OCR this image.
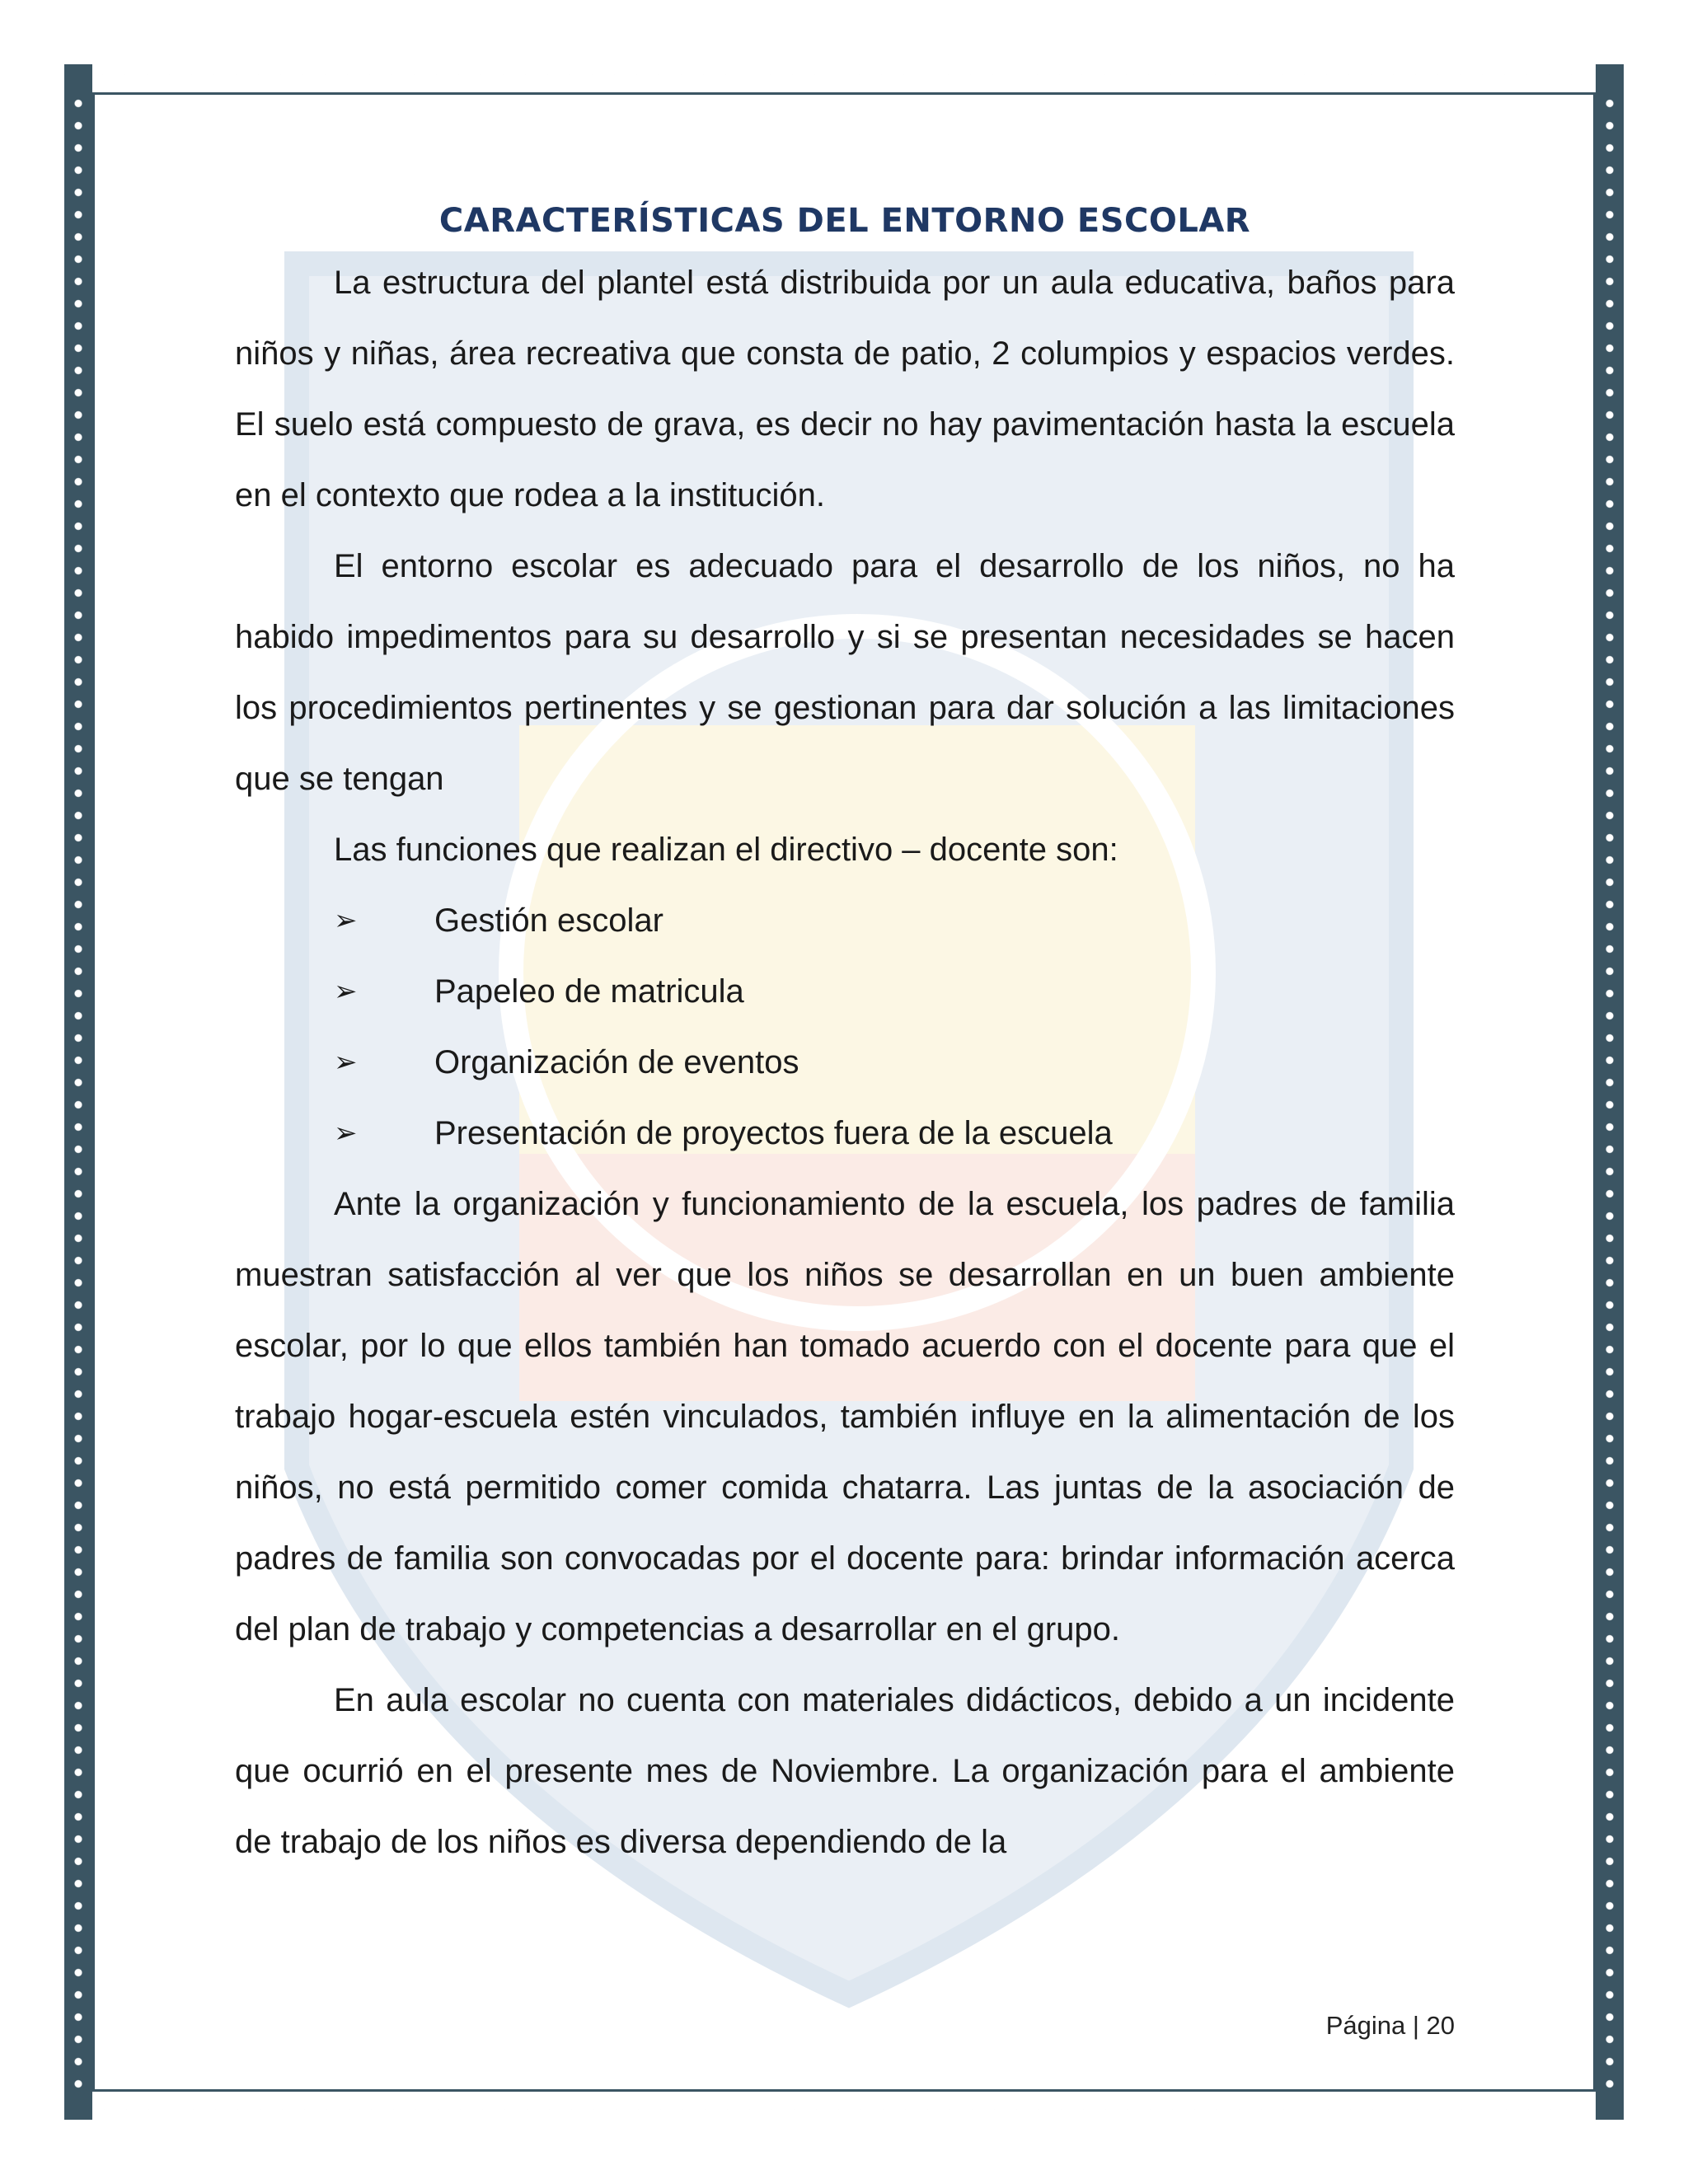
CARACTERÍSTICAS DEL ENTORNO ESCOLAR

La estructura del plantel está distribuida por un aula educativa, baños para niños y niñas, área recreativa que consta de patio, 2 columpios y espacios verdes. El suelo está compuesto de grava, es decir no hay pavimentación hasta la escuela en el contexto que rodea a la institución.

El entorno escolar es adecuado para el desarrollo de los niños, no ha habido impedimentos para su desarrollo y si se presentan necesidades se hacen los procedimientos pertinentes y se gestionan para dar solución a las limitaciones que se tengan

Las funciones que realizan el directivo – docente son:

➢	Gestión escolar
➢	Papeleo de matricula
➢	Organización de eventos
➢	Presentación de proyectos fuera de la escuela

Ante la organización y funcionamiento de la escuela, los padres de familia muestran satisfacción al ver que los niños se desarrollan en un buen ambiente escolar, por lo que ellos también han tomado acuerdo con el docente para que el trabajo hogar-escuela estén vinculados, también influye en la alimentación de los niños, no está permitido comer comida chatarra. Las juntas de la asociación de padres de familia son convocadas por el docente para: brindar información acerca del plan de trabajo y competencias a desarrollar en el grupo.

En aula escolar no cuenta con materiales didácticos, debido a un incidente que ocurrió en el presente mes de Noviembre. La organización para el ambiente de trabajo de los niños es diversa dependiendo de la

Página | 20
